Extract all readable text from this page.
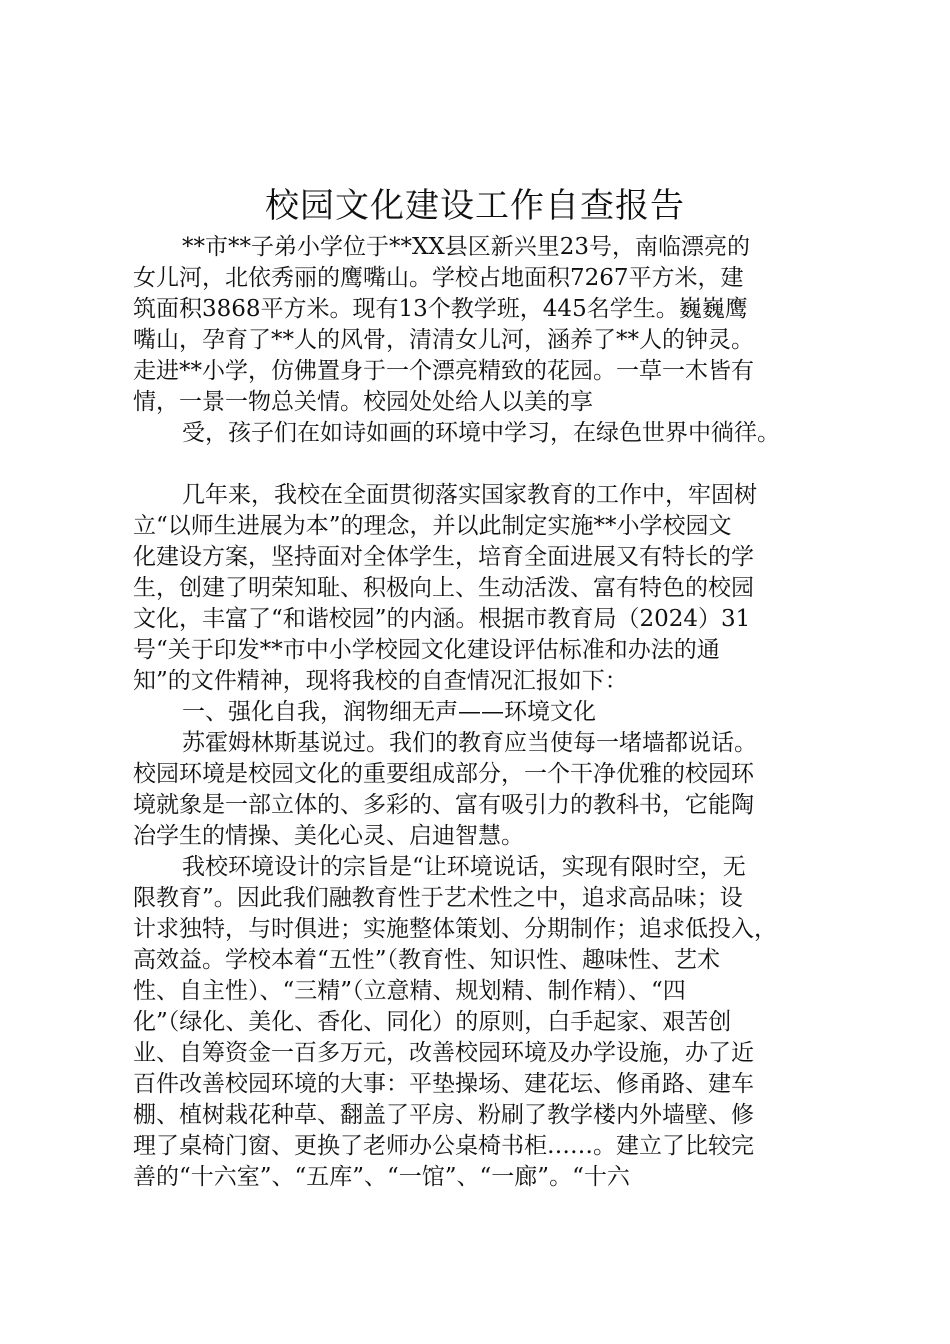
校园文化建设工作自查报告
**市**子弟小学位于**XX县区新兴里23号，南临漂亮的
女儿河，北依秀丽的鹰嘴山。学校占地面积7267平方米，建
筑面积3868平方米。现有13个教学班，445名学生。巍巍鹰
嘴山，孕育了**人的风骨，清清女儿河，涵养了**人的钟灵。
走进**小学，仿佛置身于一个漂亮精致的花园。一草一木皆有
情，一景一物总关情。校园处处给人以美的享
受，孩子们在如诗如画的环境中学习，在绿色世界中徜徉。
几年来，我校在全面贯彻落实国家教育的工作中，牢固树
立“以师生进展为本”的理念，并以此制定实施**小学校园文
化建设方案，坚持面对全体学生，培育全面进展又有特长的学
生，创建了明荣知耻、积极向上、生动活泼、富有特色的校园
文化，丰富了“和谐校园”的内涵。根据市教育局（2024）31
号“关于印发**市中小学校园文化建设评估标准和办法的通
知”的文件精神，现将我校的自查情况汇报如下：
一、强化自我，润物细无声——环境文化
苏霍姆林斯基说过。我们的教育应当使每一堵墙都说话。
校园环境是校园文化的重要组成部分，一个干净优雅的校园环
境就象是一部立体的、多彩的、富有吸引力的教科书，它能陶
冶学生的情操、美化心灵、启迪智慧。
我校环境设计的宗旨是“让环境说话，实现有限时空，无
限教育”。因此我们融教育性于艺术性之中，追求高品味；设
计求独特，与时俱进；实施整体策划、分期制作；追求低投入，
高效益。学校本着“五性”（教育性、知识性、趣味性、艺术
性、自主性）、“三精”（立意精、规划精、制作精）、“四
化”（绿化、美化、香化、同化）的原则，白手起家、艰苦创
业、自筹资金一百多万元，改善校园环境及办学设施，办了近
百件改善校园环境的大事：平垫操场、建花坛、修甬路、建车
棚、植树栽花种草、翻盖了平房、粉刷了教学楼内外墙壁、修
理了桌椅门窗、更换了老师办公桌椅书柜……。建立了比较完
善的“十六室”、“五库”、“一馆”、“一廊”。“十六
